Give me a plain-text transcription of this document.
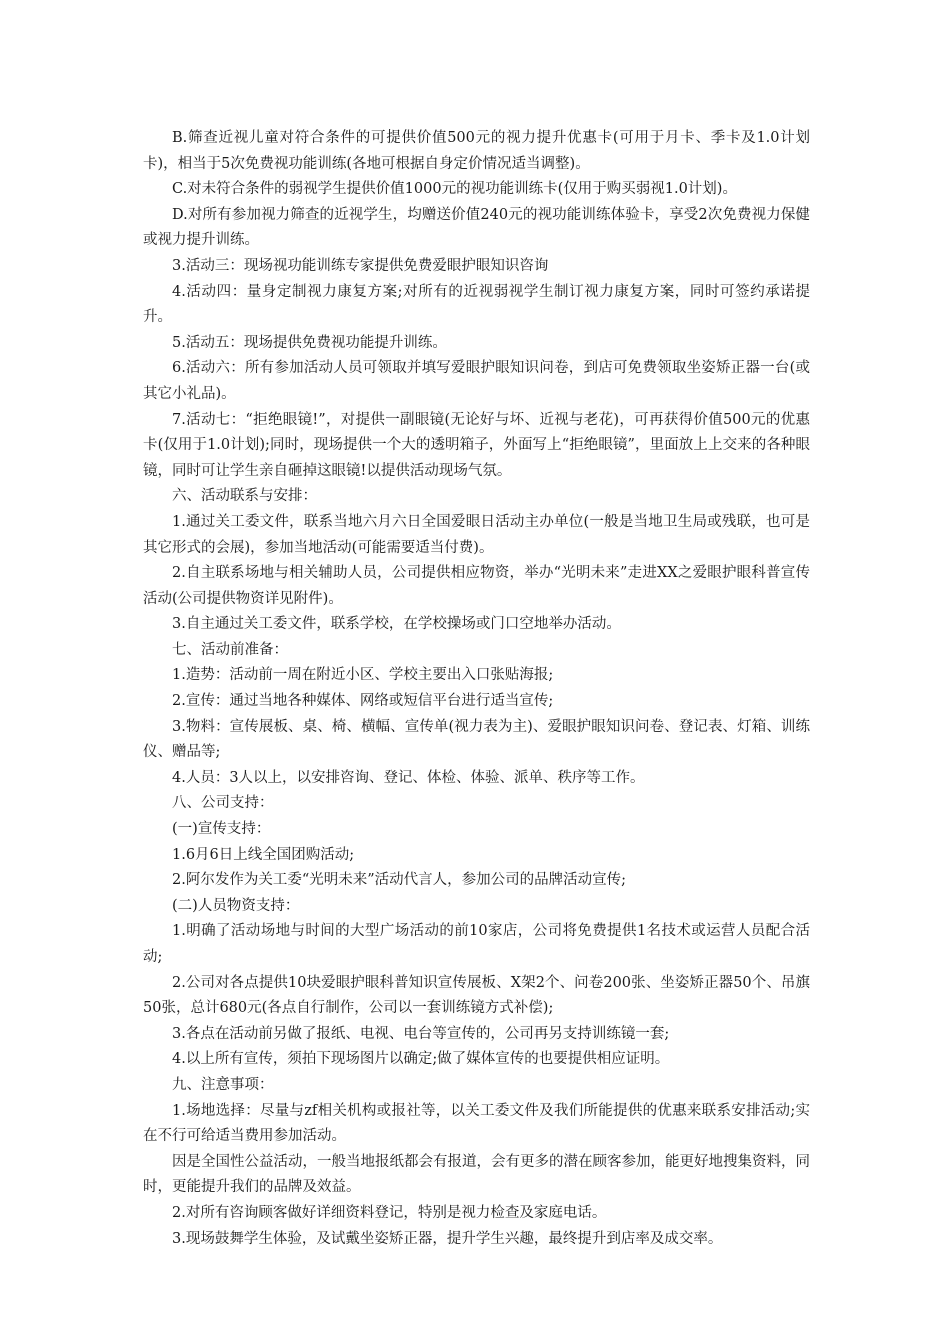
B.筛查近视儿童对符合条件的可提供价值500元的视力提升优惠卡(可用于月卡、季卡及1.0计划卡)，相当于5次免费视功能训练(各地可根据自身定价情况适当调整)。

C.对未符合条件的弱视学生提供价值1000元的视功能训练卡(仅用于购买弱视1.0计划)。

D.对所有参加视力筛查的近视学生，均赠送价值240元的视功能训练体验卡，享受2次免费视力保健或视力提升训练。

3.活动三：现场视功能训练专家提供免费爱眼护眼知识咨询

4.活动四：量身定制视力康复方案;对所有的近视弱视学生制订视力康复方案，同时可签约承诺提升。

5.活动五：现场提供免费视功能提升训练。

6.活动六：所有参加活动人员可领取并填写爱眼护眼知识问卷，到店可免费领取坐姿矫正器一台(或其它小礼品)。

7.活动七：“拒绝眼镜!”，对提供一副眼镜(无论好与坏、近视与老花)，可再获得价值500元的优惠卡(仅用于1.0计划);同时，现场提供一个大的透明箱子，外面写上“拒绝眼镜”，里面放上上交来的各种眼镜，同时可让学生亲自砸掉这眼镜!以提供活动现场气氛。

六、活动联系与安排：

1.通过关工委文件，联系当地六月六日全国爱眼日活动主办单位(一般是当地卫生局或残联，也可是其它形式的会展)，参加当地活动(可能需要适当付费)。

2.自主联系场地与相关辅助人员，公司提供相应物资，举办“光明未来”走进XX之爱眼护眼科普宣传活动(公司提供物资详见附件)。

3.自主通过关工委文件，联系学校，在学校操场或门口空地举办活动。

七、活动前准备：

1.造势：活动前一周在附近小区、学校主要出入口张贴海报;

2.宣传：通过当地各种媒体、网络或短信平台进行适当宣传;

3.物料：宣传展板、桌、椅、横幅、宣传单(视力表为主)、爱眼护眼知识问卷、登记表、灯箱、训练仪、赠品等;

4.人员：3人以上，以安排咨询、登记、体检、体验、派单、秩序等工作。

八、公司支持：

(一)宣传支持：

1.6月6日上线全国团购活动;

2.阿尔发作为关工委“光明未来”活动代言人，参加公司的品牌活动宣传;

(二)人员物资支持：

1.明确了活动场地与时间的大型广场活动的前10家店，公司将免费提供1名技术或运营人员配合活动;

2.公司对各点提供10块爱眼护眼科普知识宣传展板、X架2个、问卷200张、坐姿矫正器50个、吊旗50张，总计680元(各点自行制作，公司以一套训练镜方式补偿);

3.各点在活动前另做了报纸、电视、电台等宣传的，公司再另支持训练镜一套;

4.以上所有宣传，须拍下现场图片以确定;做了媒体宣传的也要提供相应证明。

九、注意事项：

1.场地选择：尽量与zf相关机构或报社等，以关工委文件及我们所能提供的优惠来联系安排活动;实在不行可给适当费用参加活动。

因是全国性公益活动，一般当地报纸都会有报道，会有更多的潜在顾客参加，能更好地搜集资料，同时，更能提升我们的品牌及效益。

2.对所有咨询顾客做好详细资料登记，特别是视力检查及家庭电话。

3.现场鼓舞学生体验，及试戴坐姿矫正器，提升学生兴趣，最终提升到店率及成交率。
